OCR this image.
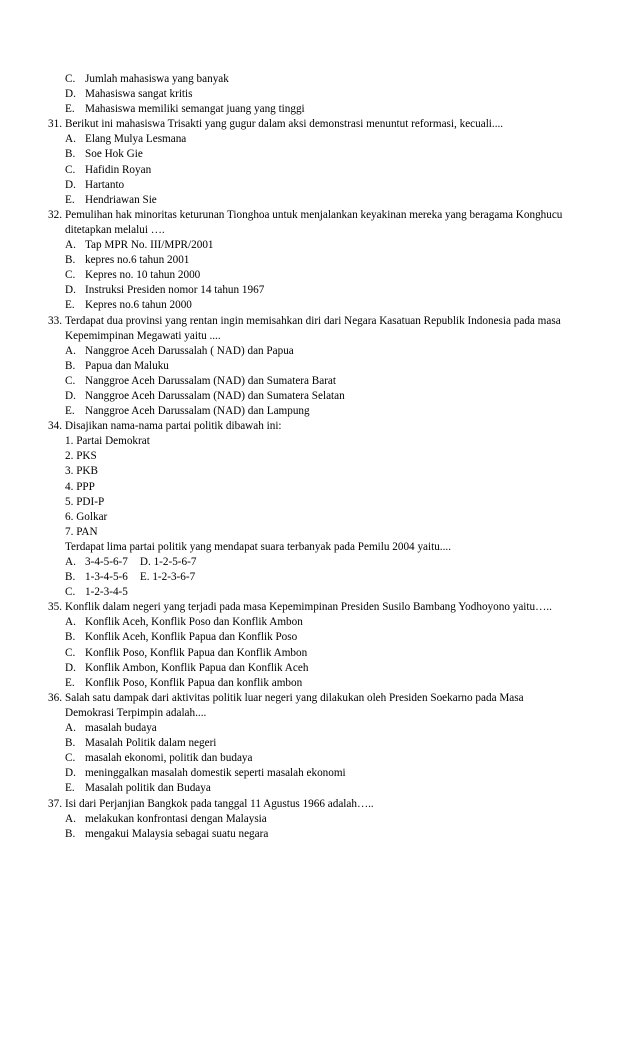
C. Jumlah mahasiswa yang banyak
D. Mahasiswa sangat kritis
E. Mahasiswa memiliki semangat juang yang tinggi
31. Berikut ini mahasiswa Trisakti yang gugur dalam aksi demonstrasi menuntut reformasi, kecuali....
A. Elang Mulya Lesmana
B. Soe Hok Gie
C. Hafidin Royan
D. Hartanto
E. Hendriawan Sie
32. Pemulihan hak minoritas keturunan Tionghoa untuk menjalankan keyakinan mereka yang beragama Konghucu
ditetapkan melalui ….
A. Tap MPR No. III/MPR/2001
B. kepres no.6 tahun 2001
C. Kepres no. 10 tahun 2000
D. Instruksi Presiden nomor 14 tahun 1967
E. Kepres no.6 tahun 2000
33. Terdapat dua provinsi yang rentan ingin memisahkan diri dari Negara Kasatuan Republik Indonesia pada masa
Kepemimpinan Megawati yaitu ....
A. Nanggroe Aceh Darussalah ( NAD) dan Papua
B. Papua dan Maluku
C. Nanggroe Aceh Darussalam (NAD) dan Sumatera Barat
D. Nanggroe Aceh Darussalam (NAD) dan Sumatera Selatan
E. Nanggroe Aceh Darussalam (NAD) dan Lampung
34. Disajikan nama-nama partai politik dibawah ini:
1. Partai Demokrat
2. PKS
3. PKB
4. PPP
5. PDI-P
6. Golkar
7. PAN
Terdapat lima partai politik yang mendapat suara terbanyak pada Pemilu 2004 yaitu....
A. 3-4-5-6-7 D. 1-2-5-6-7
B. 1-3-4-5-6 E. 1-2-3-6-7
C. 1-2-3-4-5
35. Konflik dalam negeri yang terjadi pada masa Kepemimpinan Presiden Susilo Bambang Yodhoyono yaitu…..
A. Konflik Aceh, Konflik Poso dan Konflik Ambon
B. Konflik Aceh, Konflik Papua dan Konflik Poso
C. Konflik Poso, Konflik Papua dan Konflik Ambon
D. Konflik Ambon, Konflik Papua dan Konflik Aceh
E. Konflik Poso, Konflik Papua dan konflik ambon
36. Salah satu dampak dari aktivitas politik luar negeri yang dilakukan oleh Presiden Soekarno pada Masa
Demokrasi Terpimpin adalah....
A. masalah budaya
B. Masalah Politik dalam negeri
C. masalah ekonomi, politik dan budaya
D. meninggalkan masalah domestik seperti masalah ekonomi
E. Masalah politik dan Budaya
37. Isi dari Perjanjian Bangkok pada tanggal 11 Agustus 1966 adalah…..
A. melakukan konfrontasi dengan Malaysia
B. mengakui Malaysia sebagai suatu negara
